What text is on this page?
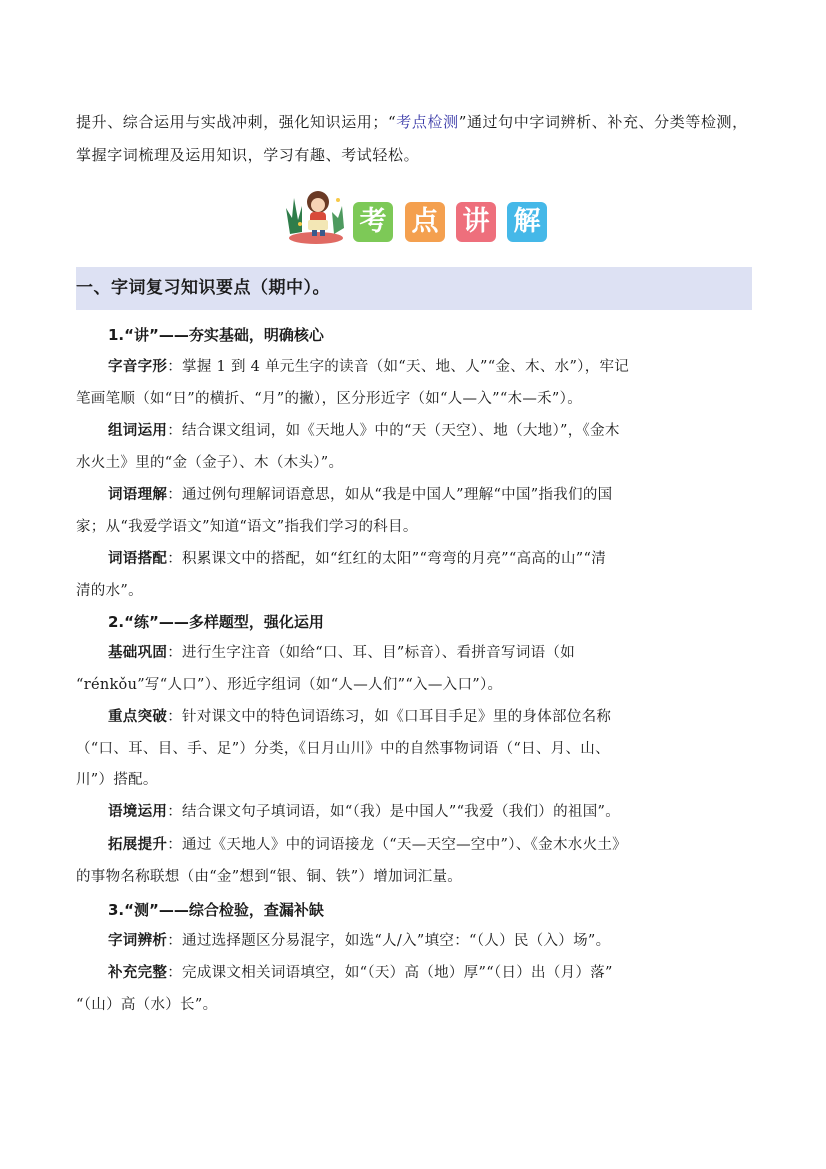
提升、综合运用与实战冲刺，强化知识运用；“考点检测”通过句中字词辨析、补充、分类等检测，掌握字词梳理及运用知识，学习有趣、考试轻松。
考 点 讲 解
一、字词复习知识要点（期中）。
1.“讲”——夯实基础，明确核心
字音字形：掌握 1 到 4 单元生字的读音（如“天、地、人”“金、木、水”），牢记
笔画笔顺（如“日”的横折、“月”的撇），区分形近字（如“人—入”“木—禾”）。
组词运用：结合课文组词，如《天地人》中的“天（天空）、地（大地）”，《金木
水火土》里的“金（金子）、木（木头）”。
词语理解：通过例句理解词语意思，如从“我是中国人”理解“中国”指我们的国
家；从“我爱学语文”知道“语文”指我们学习的科目。
词语搭配：积累课文中的搭配，如“红红的太阳”“弯弯的月亮”“高高的山”“清
清的水”。
2.“练”——多样题型，强化运用
基础巩固：进行生字注音（如给“口、耳、目”标音）、看拼音写词语（如
“rénkǒu”写“人口”）、形近字组词（如“人—人们”“入—入口”）。
重点突破：针对课文中的特色词语练习，如《口耳目手足》里的身体部位名称
（“口、耳、目、手、足”）分类，《日月山川》中的自然事物词语（“日、月、山、
川”）搭配。
语境运用：结合课文句子填词语，如“（我）是中国人”“我爱（我们）的祖国”。
拓展提升：通过《天地人》中的词语接龙（“天—天空—空中”）、《金木水火土》
的事物名称联想（由“金”想到“银、铜、铁”）增加词汇量。
3.“测”——综合检验，查漏补缺
字词辨析：通过选择题区分易混字，如选“人/入”填空：“（人）民（入）场”。
补充完整：完成课文相关词语填空，如“（天）高（地）厚”“（日）出（月）落”
“（山）高（水）长”。
